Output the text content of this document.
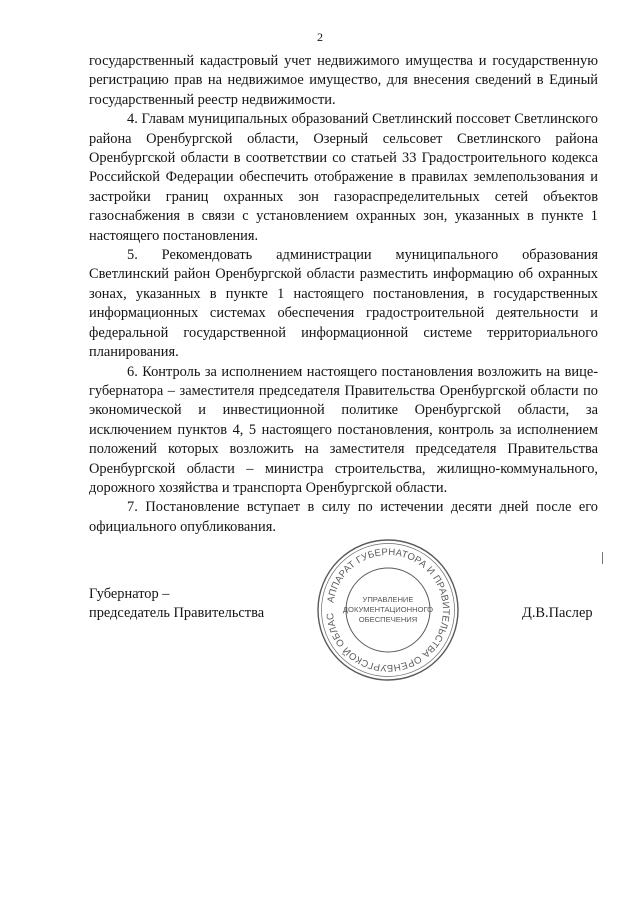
2

государственный кадастровый учет недвижимого имущества и государственную регистрацию прав на недвижимое имущество, для внесения сведений в Единый государственный реестр недвижимости.

4. Главам муниципальных образований Светлинский поссовет Светлинского района Оренбургской области, Озерный сельсовет Светлинского района Оренбургской области в соответствии со статьей 33 Градостроительного кодекса Российской Федерации обеспечить отображение в правилах землепользования и застройки границ охранных зон газораспределительных сетей объектов газоснабжения в связи с установлением охранных зон, указанных в пункте 1 настоящего постановления.

5. Рекомендовать администрации муниципального образования Светлинский район Оренбургской области разместить информацию об охранных зонах, указанных в пункте 1 настоящего постановления, в государственных информационных системах обеспечения градостроительной деятельности и федеральной государственной информационной системе территориального планирования.

6. Контроль за исполнением настоящего постановления возложить на вице-губернатора – заместителя председателя Правительства Оренбургской области по экономической и инвестиционной политике Оренбургской области, за исключением пунктов 4, 5 настоящего постановления, контроль за исполнением положений которых возложить на заместителя председателя Правительства Оренбургской области – министра строительства, жилищно-коммунального, дорожного хозяйства и транспорта Оренбургской области.

7. Постановление вступает в силу по истечении десяти дней после его официального опубликования.

Губернатор –
председатель Правительства
АППАРАТ ГУБЕРНАТОРА И ПРАВИТЕЛЬСТВА ОРЕНБУРГСКОЙ ОБЛАС
УПРАВЛЕНИЕ
ДОКУМЕНТАЦИОННОГО
ОБЕСПЕЧЕНИЯ	Д.В.Паслер
